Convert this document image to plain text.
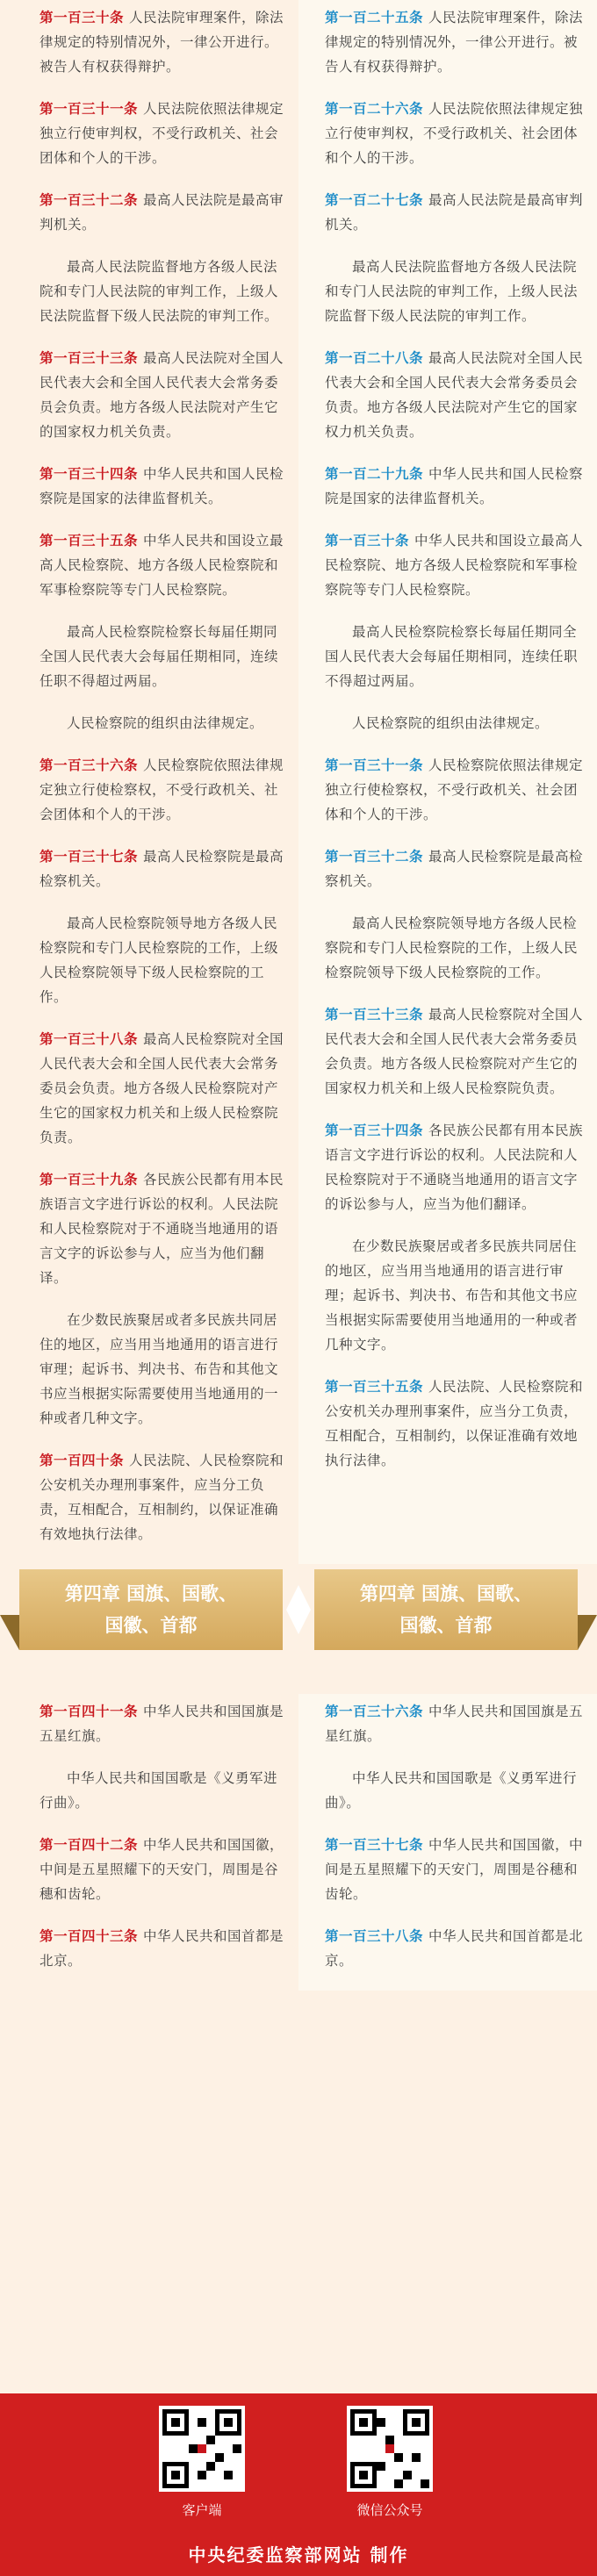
第一百三十条 人民法院审理案件，除法律规定的特别情况外，一律公开进行。被告人有权获得辩护。
第一百三十一条 人民法院依照法律规定独立行使审判权，不受行政机关、社会团体和个人的干涉。
第一百三十二条 最高人民法院是最高审判机关。
最高人民法院监督地方各级人民法院和专门人民法院的审判工作，上级人民法院监督下级人民法院的审判工作。
第一百三十三条 最高人民法院对全国人民代表大会和全国人民代表大会常务委员会负责。地方各级人民法院对产生它的国家权力机关负责。
第一百三十四条 中华人民共和国人民检察院是国家的法律监督机关。
第一百三十五条 中华人民共和国设立最高人民检察院、地方各级人民检察院和军事检察院等专门人民检察院。
最高人民检察院检察长每届任期同全国人民代表大会每届任期相同，连续任职不得超过两届。
人民检察院的组织由法律规定。
第一百三十六条 人民检察院依照法律规定独立行使检察权，不受行政机关、社会团体和个人的干涉。
第一百三十七条 最高人民检察院是最高检察机关。
最高人民检察院领导地方各级人民检察院和专门人民检察院的工作，上级人民检察院领导下级人民检察院的工作。
第一百三十八条 最高人民检察院对全国人民代表大会和全国人民代表大会常务委员会负责。地方各级人民检察院对产生它的国家权力机关和上级人民检察院负责。
第一百三十九条 各民族公民都有用本民族语言文字进行诉讼的权利。人民法院和人民检察院对于不通晓当地通用的语言文字的诉讼参与人，应当为他们翻译。
在少数民族聚居或者多民族共同居住的地区，应当用当地通用的语言进行审理；起诉书、判决书、布告和其他文书应当根据实际需要使用当地通用的一种或者几种文字。
第一百四十条 人民法院、人民检察院和公安机关办理刑事案件，应当分工负责，互相配合，互相制约，以保证准确有效地执行法律。
第一百二十五条 人民法院审理案件，除法律规定的特别情况外，一律公开进行。被告人有权获得辩护。
第一百二十六条 人民法院依照法律规定独立行使审判权，不受行政机关、社会团体和个人的干涉。
第一百二十七条 最高人民法院是最高审判机关。
最高人民法院监督地方各级人民法院和专门人民法院的审判工作，上级人民法院监督下级人民法院的审判工作。
第一百二十八条 最高人民法院对全国人民代表大会和全国人民代表大会常务委员会负责。地方各级人民法院对产生它的国家权力机关负责。
第一百二十九条 中华人民共和国人民检察院是国家的法律监督机关。
第一百三十条 中华人民共和国设立最高人民检察院、地方各级人民检察院和军事检察院等专门人民检察院。
最高人民检察院检察长每届任期同全国人民代表大会每届任期相同，连续任职不得超过两届。
人民检察院的组织由法律规定。
第一百三十一条 人民检察院依照法律规定独立行使检察权，不受行政机关、社会团体和个人的干涉。
第一百三十二条 最高人民检察院是最高检察机关。
最高人民检察院领导地方各级人民检察院和专门人民检察院的工作，上级人民检察院领导下级人民检察院的工作。
第一百三十三条 最高人民检察院对全国人民代表大会和全国人民代表大会常务委员会负责。地方各级人民检察院对产生它的国家权力机关和上级人民检察院负责。
第一百三十四条 各民族公民都有用本民族语言文字进行诉讼的权利。人民法院和人民检察院对于不通晓当地通用的语言文字的诉讼参与人，应当为他们翻译。
在少数民族聚居或者多民族共同居住的地区，应当用当地通用的语言进行审理；起诉书、判决书、布告和其他文书应当根据实际需要使用当地通用的一种或者几种文字。
第一百三十五条 人民法院、人民检察院和公安机关办理刑事案件，应当分工负责，互相配合，互相制约，以保证准确有效地执行法律。
第四章 国旗、国歌、
国徽、首都
第四章 国旗、国歌、
国徽、首都
第一百四十一条 中华人民共和国国旗是五星红旗。
中华人民共和国国歌是《义勇军进行曲》。
第一百四十二条 中华人民共和国国徽，中间是五星照耀下的天安门，周围是谷穗和齿轮。
第一百四十三条 中华人民共和国首都是北京。
第一百三十六条 中华人民共和国国旗是五星红旗。
中华人民共和国国歌是《义勇军进行曲》。
第一百三十七条 中华人民共和国国徽，中间是五星照耀下的天安门，周围是谷穗和齿轮。
第一百三十八条 中华人民共和国首都是北京。
客户端	微信公众号
中央纪委监察部网站 制作
